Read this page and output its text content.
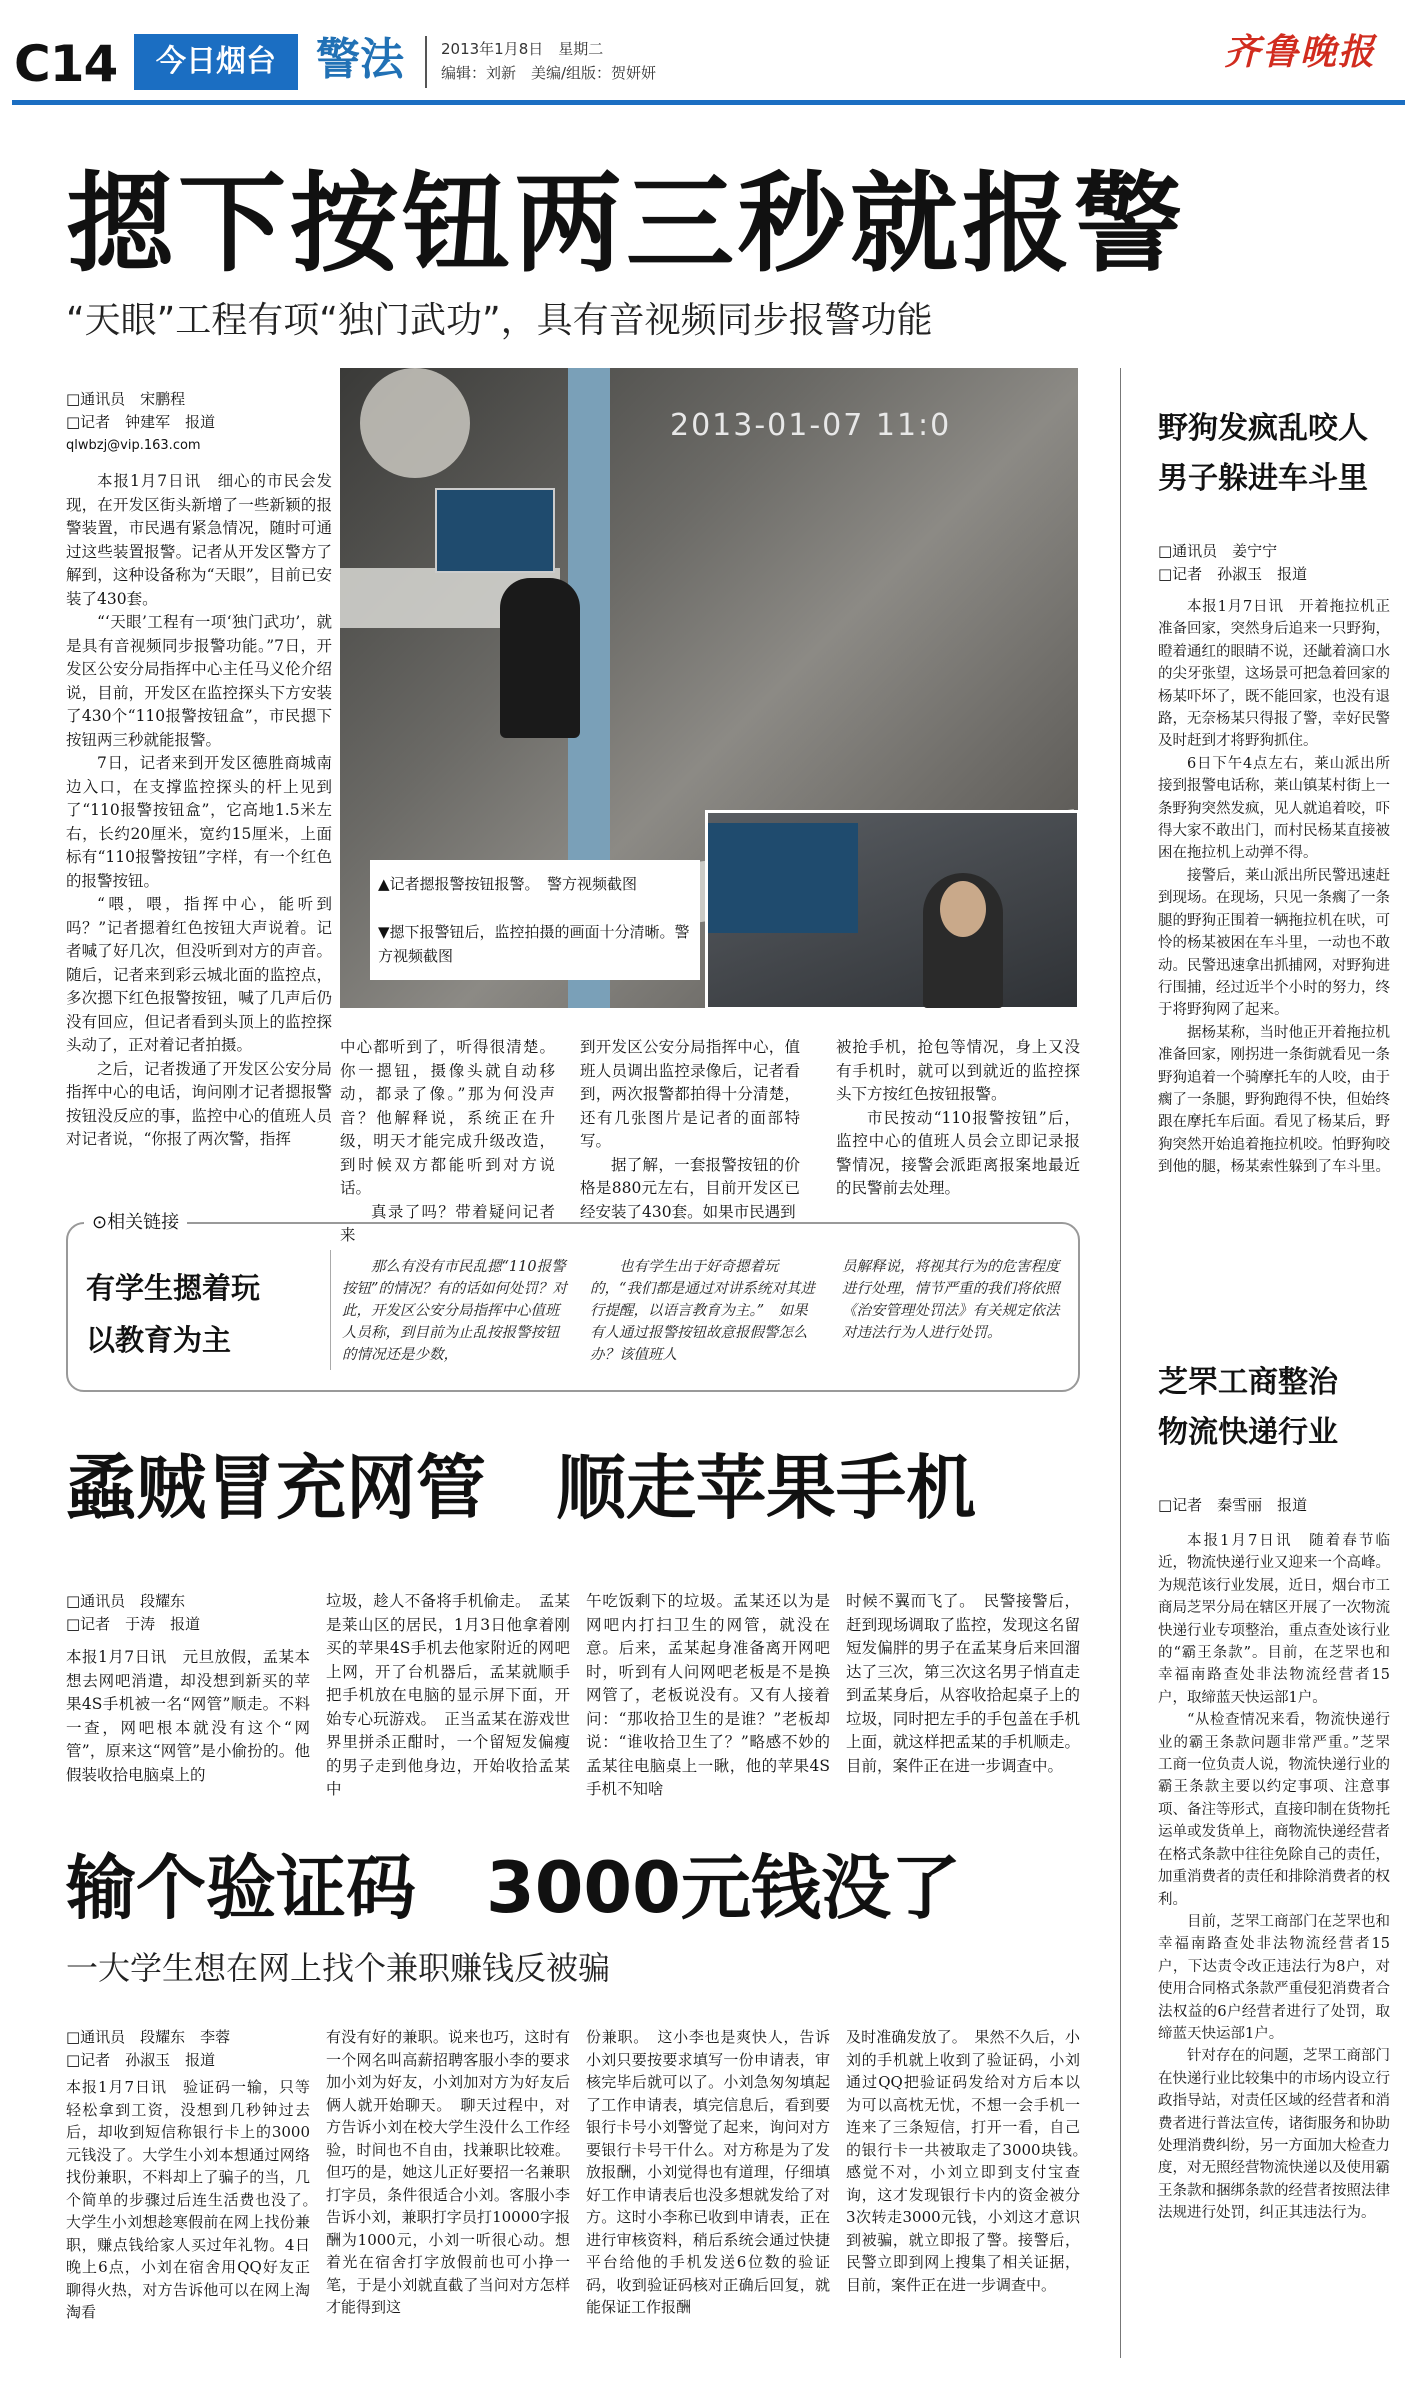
C14	今日烟台 警法 2013年1月8日　星期二
编辑：刘新　美编/组版：贺妍妍	齐鲁晚报
摁下按钮两三秒就报警
“天眼”工程有项“独门武功”，具有音视频同步报警功能
□通讯员　宋鹏程
□记者　钟建军　报道
qlwbzj@vip.163.com

本报1月7日讯　细心的市民会发现，在开发区街头新增了一些新颖的报警装置，市民遇有紧急情况，随时可通过这些装置报警。记者从开发区警方了解到，这种设备称为“天眼”，目前已安装了430套。

“‘天眼’工程有一项‘独门武功’，就是具有音视频同步报警功能。”7日，开发区公安分局指挥中心主任马义伦介绍说，目前，开发区在监控探头下方安装了430个“110报警按钮盒”，市民摁下按钮两三秒就能报警。

7日，记者来到开发区德胜商城南边入口，在支撑监控探头的杆上见到了“110报警按钮盒”，它高地1.5米左右，长约20厘米，宽约15厘米，上面标有“110报警按钮”字样，有一个红色的报警按钮。

“喂，喂，指挥中心，能听到吗？”记者摁着红色按钮大声说着。记者喊了好几次，但没听到对方的声音。随后，记者来到彩云城北面的监控点，多次摁下红色报警按钮，喊了几声后仍没有回应，但记者看到头顶上的监控探头动了，正对着记者拍摄。

之后，记者拨通了开发区公安分局指挥中心的电话，询问刚才记者摁报警按钮没反应的事，监控中心的值班人员对记者说，“你报了两次警，指挥

2013-01-07 11:0
▲记者摁报警按钮报警。　警方视频截图
▼摁下报警钮后，监控拍摄的画面十分清晰。警方视频截图

中心都听到了，听得很清楚。你一摁钮，摄像头就自动移动，都录了像。”那为何没声音？他解释说，系统正在升级，明天才能完成升级改造，到时候双方都能听到对方说话。

真录了吗？带着疑问记者来

到开发区公安分局指挥中心，值班人员调出监控录像后，记者看到，两次报警都拍得十分清楚，还有几张图片是记者的面部特写。

据了解，一套报警按钮的价格是880元左右，目前开发区已经安装了430套。如果市民遇到

被抢手机，抢包等情况，身上又没有手机时，就可以到就近的监控探头下方按红色按钮报警。

市民按动“110报警按钮”后，监控中心的值班人员会立即记录报警情况，接警会派距离报案地最近的民警前去处理。

⊙相关链接
有学生摁着玩
以教育为主
那么有没有市民乱摁“110报警按钮”的情况？有的话如何处罚？对此，开发区公安分局指挥中心值班人员称，到目前为止乱按报警按钮的情况还是少数，
也有学生出于好奇摁着玩的，“我们都是通过对讲系统对其进行提醒，以语言教育为主。”　如果有人通过报警按钮故意报假警怎么办？该值班人
员解释说，将视其行为的危害程度进行处理，情节严重的我们将依照《治安管理处罚法》有关规定依法对违法行为人进行处罚。
野狗发疯乱咬人
男子躲进车斗里
□通讯员　姜宁宁
□记者　孙淑玉　报道

本报1月7日讯　开着拖拉机正准备回家，突然身后追来一只野狗，瞪着通红的眼睛不说，还龇着滴口水的尖牙张望，这场景可把急着回家的杨某吓坏了，既不能回家，也没有退路，无奈杨某只得报了警，幸好民警及时赶到才将野狗抓住。

6日下午4点左右，莱山派出所接到报警电话称，莱山镇某村街上一条野狗突然发疯，见人就追着咬，吓得大家不敢出门，而村民杨某直接被困在拖拉机上动弹不得。

接警后，莱山派出所民警迅速赶到现场。在现场，只见一条瘸了一条腿的野狗正围着一辆拖拉机在吠，可怜的杨某被困在车斗里，一动也不敢动。民警迅速拿出抓捕网，对野狗进行围捕，经过近半个小时的努力，终于将野狗网了起来。

据杨某称，当时他正开着拖拉机准备回家，刚拐进一条街就看见一条野狗追着一个骑摩托车的人咬，由于瘸了一条腿，野狗跑得不快，但始终跟在摩托车后面。看见了杨某后，野狗突然开始追着拖拉机咬。怕野狗咬到他的腿，杨某索性躲到了车斗里。

芝罘工商整治
物流快递行业
□记者　秦雪丽　报道

本报1月7日讯　随着春节临近，物流快递行业又迎来一个高峰。为规范该行业发展，近日，烟台市工商局芝罘分局在辖区开展了一次物流快递行业专项整治，重点查处该行业的“霸王条款”。目前，在芝罘也和幸福南路查处非法物流经营者15户，取缔蓝天快运部1户。

“从检查情况来看，物流快递行业的霸王条款问题非常严重。”芝罘工商一位负责人说，物流快递行业的霸王条款主要以约定事项、注意事项、备注等形式，直接印制在货物托运单或发货单上，商物流快递经营者在格式条款中往往免除自己的责任，加重消费者的责任和排除消费者的权利。

目前，芝罘工商部门在芝罘也和幸福南路查处非法物流经营者15户，下达责令改正违法行为8户，对使用合同格式条款严重侵犯消费者合法权益的6户经营者进行了处罚，取缔蓝天快运部1户。

针对存在的问题，芝罘工商部门在快递行业比较集中的市场内设立行政指导站，对责任区域的经营者和消费者进行普法宣传，诸街服务和协助处理消费纠纷，另一方面加大检查力度，对无照经营物流快递以及使用霸王条款和捆绑条款的经营者按照法律法规进行处罚，纠正其违法行为。

蟊贼冒充网管　顺走苹果手机
□通讯员　段耀东
□记者　于涛　报道
本报1月7日讯　元旦放假，孟某本想去网吧消遣，却没想到新买的苹果4S手机被一名“网管”顺走。不料一查，网吧根本就没有这个“网管”，原来这“网管”是小偷扮的。他假装收拾电脑桌上的
垃圾，趁人不备将手机偷走。　孟某是莱山区的居民，1月3日他拿着刚买的苹果4S手机去他家附近的网吧上网，开了台机器后，孟某就顺手把手机放在电脑的显示屏下面，开始专心玩游戏。　正当孟某在游戏世界里拼杀正酣时，一个留短发偏瘦的男子走到他身边，开始收拾孟某中
午吃饭剩下的垃圾。孟某还以为是网吧内打扫卫生的网管，就没在意。后来，孟某起身准备离开网吧时，听到有人问网吧老板是不是换网管了，老板说没有。又有人接着问：“那收拾卫生的是谁？”老板却说：“谁收拾卫生了？”略感不妙的孟某往电脑桌上一瞅，他的苹果4S手机不知啥
时候不翼而飞了。　民警接警后，赶到现场调取了监控，发现这名留短发偏胖的男子在孟某身后来回溜达了三次，第三次这名男子悄直走到孟某身后，从容收拾起桌子上的垃圾，同时把左手的手包盖在手机上面，就这样把孟某的手机顺走。目前，案件正在进一步调查中。
输个验证码　3000元钱没了
一大学生想在网上找个兼职赚钱反被骗
□通讯员　段耀东　李蓉
□记者　孙淑玉　报道
本报1月7日讯　验证码一输，只等轻松拿到工资，没想到几秒钟过去后，却收到短信称银行卡上的3000元钱没了。大学生小刘本想通过网络找份兼职，不料却上了骗子的当，几个简单的步骤过后连生活费也没了。　大学生小刘想趁寒假前在网上找份兼职，赚点钱给家人买过年礼物。4日晚上6点，小刘在宿舍用QQ好友正聊得火热，对方告诉他可以在网上淘淘看
有没有好的兼职。说来也巧，这时有一个网名叫高薪招聘客服小李的要求加小刘为好友，小刘加对方为好友后俩人就开始聊天。　聊天过程中，对方告诉小刘在校大学生没什么工作经验，时间也不自由，找兼职比较难。但巧的是，她这儿正好要招一名兼职打字员，条件很适合小刘。客服小李告诉小刘，兼职打字员打10000字报酬为1000元，小刘一听很心动。想着光在宿舍打字放假前也可小挣一笔，于是小刘就直截了当问对方怎样才能得到这
份兼职。　这小李也是爽快人，告诉小刘只要按要求填写一份申请表，审核完毕后就可以了。小刘急匆匆填起了工作申请表，填完信息后，看到要银行卡号小刘警觉了起来，询问对方要银行卡号干什么。对方称是为了发放报酬，小刘觉得也有道理，仔细填好工作申请表后也没多想就发给了对方。这时小李称已收到申请表，正在进行审核资料，稍后系统会通过快捷平台给他的手机发送6位数的验证码，收到验证码核对正确后回复，就能保证工作报酬
及时准确发放了。　果然不久后，小刘的手机就上收到了验证码，小刘通过QQ把验证码发给对方后本以为可以高枕无忧，不想一会手机一连来了三条短信，打开一看，自己的银行卡一共被取走了3000块钱。　感觉不对，小刘立即到支付宝查询，这才发现银行卡内的资金被分3次转走3000元钱，小刘这才意识到被骗，就立即报了警。接警后，民警立即到网上搜集了相关证据，目前，案件正在进一步调查中。
